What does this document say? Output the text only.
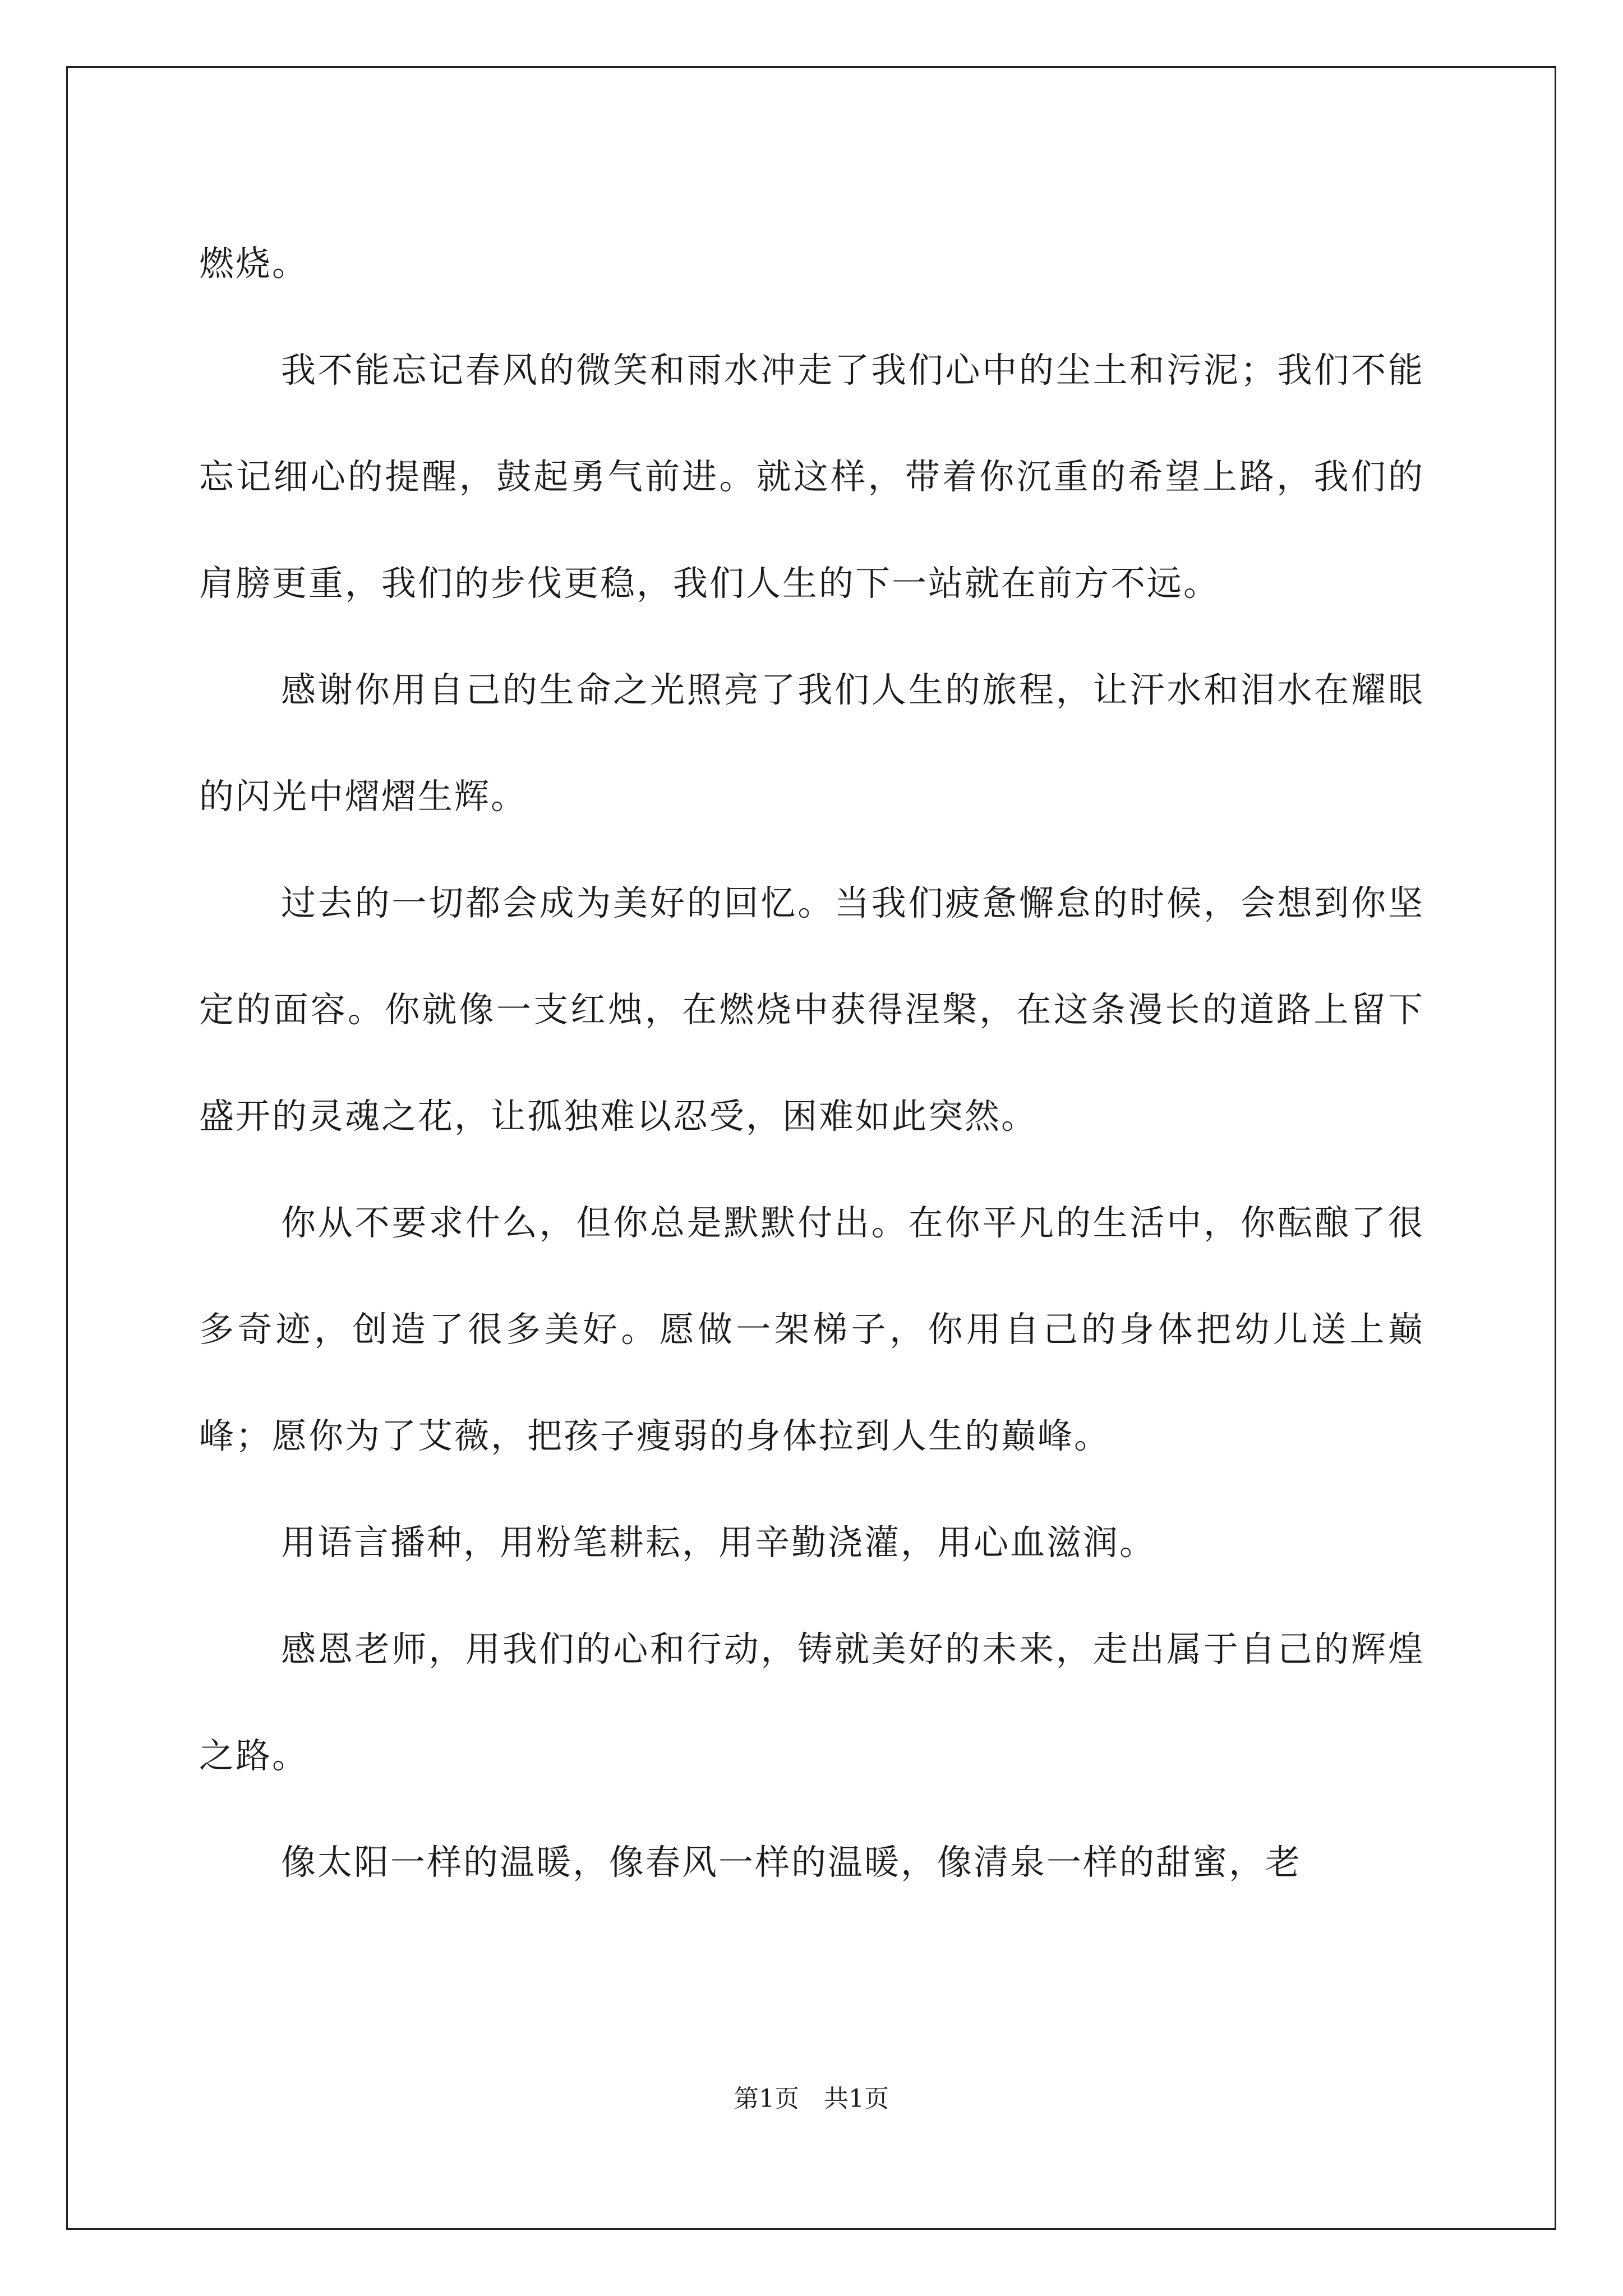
燃烧。

我不能忘记春风的微笑和雨水冲走了我们心中的尘土和污泥；我们不能忘记细心的提醒，鼓起勇气前进。就这样，带着你沉重的希望上路，我们的肩膀更重，我们的步伐更稳，我们人生的下一站就在前方不远。

感谢你用自己的生命之光照亮了我们人生的旅程，让汗水和泪水在耀眼的闪光中熠熠生辉。

过去的一切都会成为美好的回忆。当我们疲惫懈怠的时候，会想到你坚定的面容。你就像一支红烛，在燃烧中获得涅槃，在这条漫长的道路上留下盛开的灵魂之花，让孤独难以忍受，困难如此突然。

你从不要求什么，但你总是默默付出。在你平凡的生活中，你酝酿了很多奇迹，创造了很多美好。愿做一架梯子，你用自己的身体把幼儿送上巅峰；愿你为了艾薇，把孩子瘦弱的身体拉到人生的巅峰。

用语言播种，用粉笔耕耘，用辛勤浇灌，用心血滋润。

感恩老师，用我们的心和行动，铸就美好的未来，走出属于自己的辉煌之路。

像太阳一样的温暖，像春风一样的温暖，像清泉一样的甜蜜，老

第1页 共1页
